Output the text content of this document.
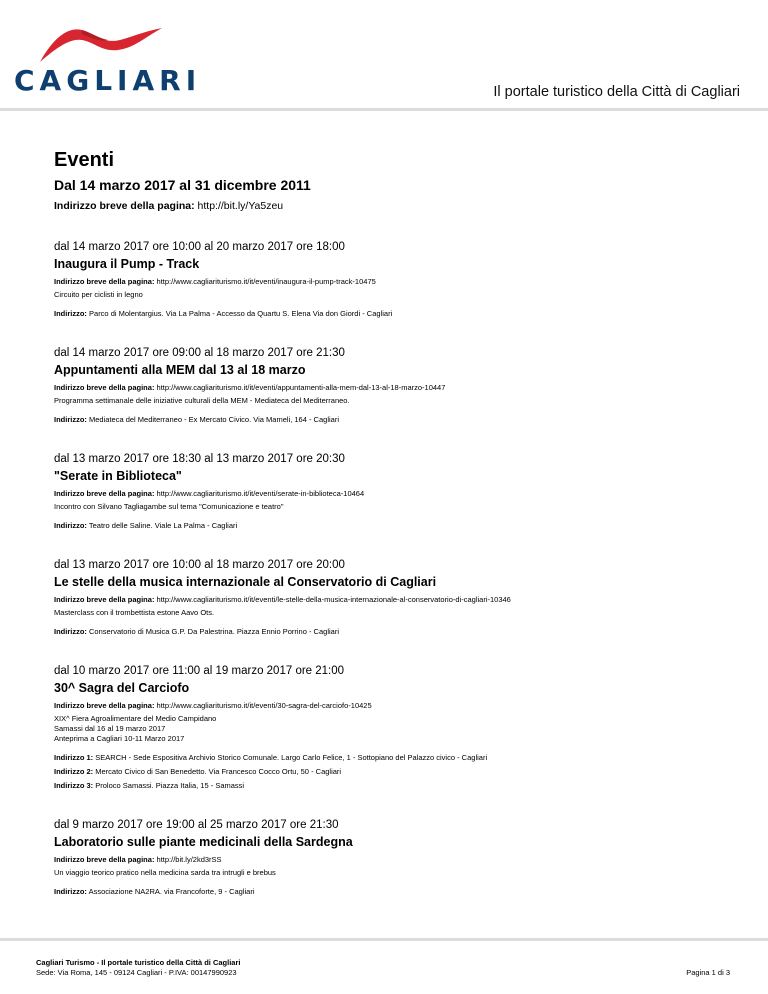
CAGLIARI	Il portale turistico della Città di Cagliari
Eventi
Dal 14 marzo 2017 al 31 dicembre 2011
Indirizzo breve della pagina: http://bit.ly/Ya5zeu
dal 14 marzo 2017 ore 10:00 al 20 marzo 2017 ore 18:00
Inaugura il Pump - Track
Indirizzo breve della pagina: http://www.cagliariturismo.it/it/eventi/inaugura-il-pump-track-10475
Circuito per ciclisti in legno
Indirizzo: Parco di Molentargius. Via La Palma - Accesso da Quartu S. Elena Via don Giordi - Cagliari
dal 14 marzo 2017 ore 09:00 al 18 marzo 2017 ore 21:30
Appuntamenti alla MEM dal 13 al 18 marzo
Indirizzo breve della pagina: http://www.cagliariturismo.it/it/eventi/appuntamenti-alla-mem-dal-13-al-18-marzo-10447
Programma settimanale delle iniziative culturali della MEM - Mediateca del Mediterraneo.
Indirizzo: Mediateca del Mediterraneo - Ex Mercato Civico. Via Mameli, 164 - Cagliari
dal 13 marzo 2017 ore 18:30 al 13 marzo 2017 ore 20:30
"Serate in Biblioteca"
Indirizzo breve della pagina: http://www.cagliariturismo.it/it/eventi/serate-in-biblioteca-10464
Incontro con Silvano Tagliagambe sul tema "Comunicazione e teatro"
Indirizzo: Teatro delle Saline. Viale La Palma - Cagliari
dal 13 marzo 2017 ore 10:00 al 18 marzo 2017 ore 20:00
Le stelle della musica internazionale al Conservatorio di Cagliari
Indirizzo breve della pagina: http://www.cagliariturismo.it/it/eventi/le-stelle-della-musica-internazionale-al-conservatorio-di-cagliari-10346
Masterclass con il trombettista estone Aavo Ots.
Indirizzo: Conservatorio di Musica G.P. Da Palestrina. Piazza Ennio Porrino - Cagliari
dal 10 marzo 2017 ore 11:00 al 19 marzo 2017 ore 21:00
30^ Sagra del Carciofo
Indirizzo breve della pagina: http://www.cagliariturismo.it/it/eventi/30-sagra-del-carciofo-10425
XIX^ Fiera Agroalimentare del Medio Campidano
Samassi dal 16 al 19 marzo 2017
Anteprima a Cagliari 10-11 Marzo 2017
Indirizzo 1: SEARCH - Sede Espositiva Archivio Storico Comunale. Largo Carlo Felice, 1 - Sottopiano del Palazzo civico - Cagliari
Indirizzo 2: Mercato Civico di San Benedetto. Via Francesco Cocco Ortu, 50 - Cagliari
Indirizzo 3: Proloco Samassi. Piazza Italia, 15 - Samassi
dal 9 marzo 2017 ore 19:00 al 25 marzo 2017 ore 21:30
Laboratorio sulle piante medicinali della Sardegna
Indirizzo breve della pagina: http://bit.ly/2kd3rSS
Un viaggio teorico pratico nella medicina sarda tra intrugli e brebus
Indirizzo: Associazione NA2RA. via Francoforte, 9 - Cagliari
Cagliari Turismo - Il portale turistico della Città di Cagliari
Sede: Via Roma, 145 - 09124 Cagliari - P.IVA: 00147990923	Pagina 1 di 3
